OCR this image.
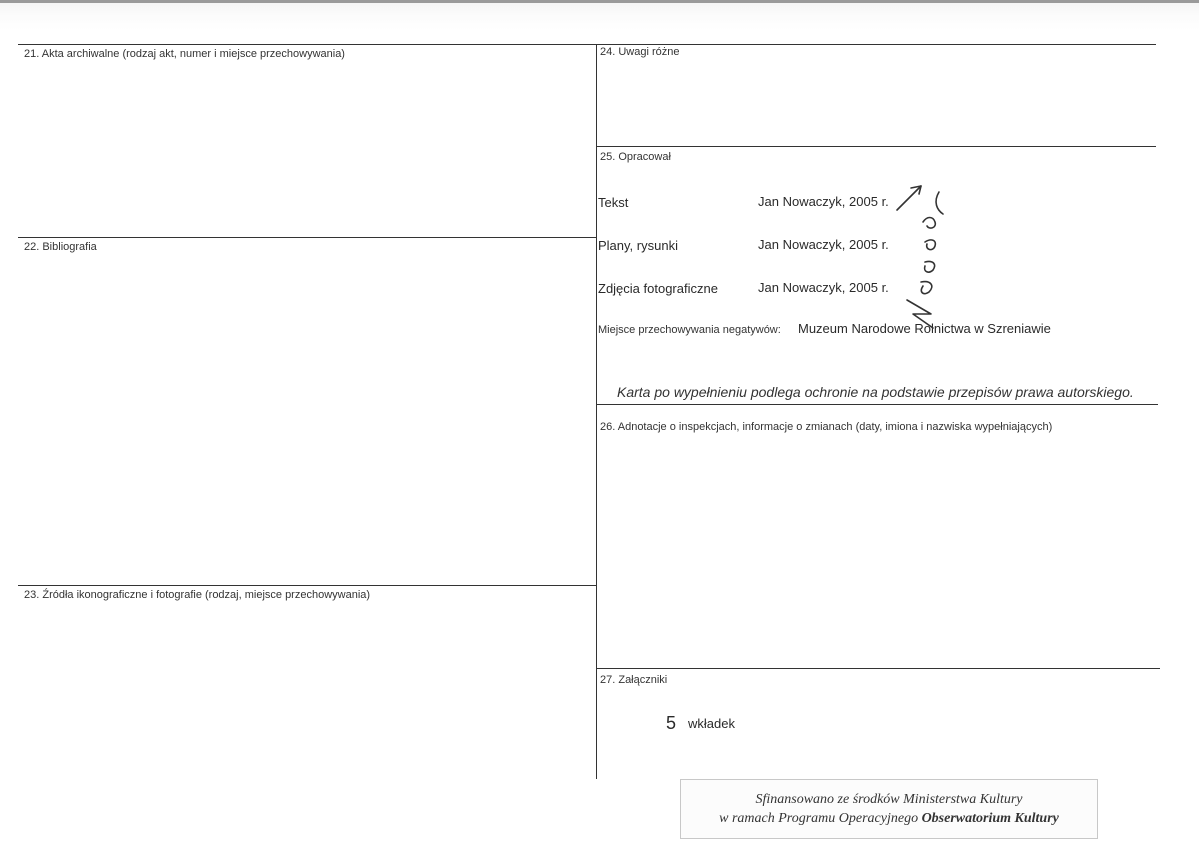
21. Akta archiwalne (rodzaj akt, numer i miejsce przechowywania)
22. Bibliografia
23. Źródła ikonograficzne i fotografie (rodzaj, miejsce przechowywania)
24. Uwagi różne
25. Opracował
Tekst	Jan Nowaczyk, 2005 r.
Plany, rysunki	Jan Nowaczyk, 2005 r.
Zdjęcia fotograficzne	Jan Nowaczyk, 2005 r.
Miejsce przechowywania negatywów: Muzeum Narodowe Rolnictwa w Szreniawie
Karta po wypełnieniu podlega ochronie na podstawie przepisów prawa autorskiego.
26. Adnotacje o inspekcjach, informacje o zmianach (daty, imiona i nazwiska wypełniających)
27. Załączniki
5 wkładek
Sfinansowano ze środków Ministerstwa Kultury
w ramach Programu Operacyjnego Obserwatorium Kultury
